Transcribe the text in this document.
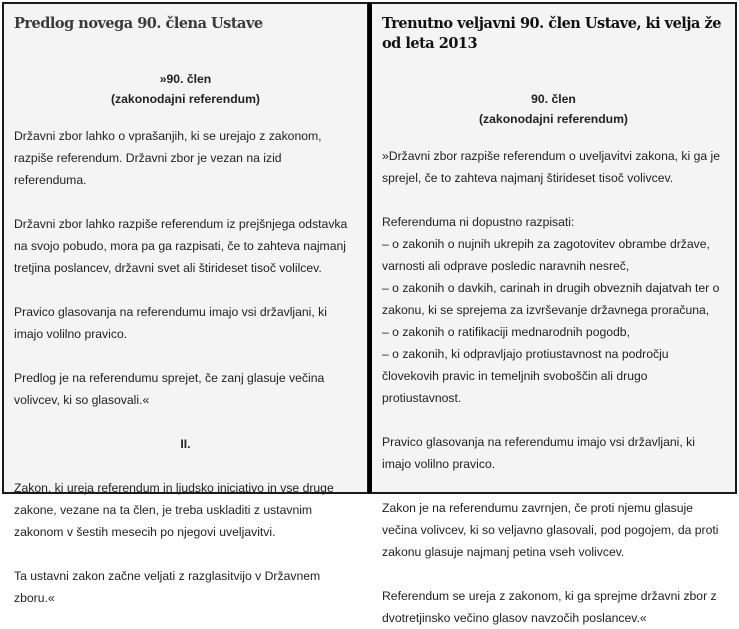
Predlog novega 90. člena Ustave
»90. člen
(zakonodajni referendum)

Državni zbor lahko o vprašanjih, ki se urejajo z zakonom, razpiše referendum. Državni zbor je vezan na izid referenduma.

Državni zbor lahko razpiše referendum iz prejšnjega odstavka na svojo pobudo, mora pa ga razpisati, če to zahteva najmanj tretjina poslancev, državni svet ali štirideset tisoč volilcev.

Pravico glasovanja na referendumu imajo vsi državljani, ki imajo volilno pravico.

Predlog je na referendumu sprejet, če zanj glasuje večina volivcev, ki so glasovali.«

II.

Zakon, ki ureja referendum in ljudsko iniciativo in vse druge zakone, vezane na ta člen, je treba uskladiti z ustavnim zakonom v šestih mesecih po njegovi uveljavitvi.

Ta ustavni zakon začne veljati z razglasitvijo v Državnem zboru.«

Trenutno veljavni 90. člen Ustave, ki velja že od leta 2013
90. člen
(zakonodajni referendum)

»Državni zbor razpiše referendum o uveljavitvi zakona, ki ga je sprejel, če to zahteva najmanj štirideset tisoč volivcev.

Referenduma ni dopustno razpisati:

– o zakonih o nujnih ukrepih za zagotovitev obrambe države, varnosti ali odprave posledic naravnih nesreč,

– o zakonih o davkih, carinah in drugih obveznih dajatvah ter o zakonu, ki se sprejema za izvrševanje državnega proračuna,

– o zakonih o ratifikaciji mednarodnih pogodb,

– o zakonih, ki odpravljajo protiustavnost na področju človekovih pravic in temeljnih svoboščin ali drugo protiustavnost.

Pravico glasovanja na referendumu imajo vsi državljani, ki imajo volilno pravico.

Zakon je na referendumu zavrnjen, če proti njemu glasuje večina volivcev, ki so veljavno glasovali, pod pogojem, da proti zakonu glasuje najmanj petina vseh volivcev.

Referendum se ureja z zakonom, ki ga sprejme državni zbor z dvotretjinsko večino glasov navzočih poslancev.«
